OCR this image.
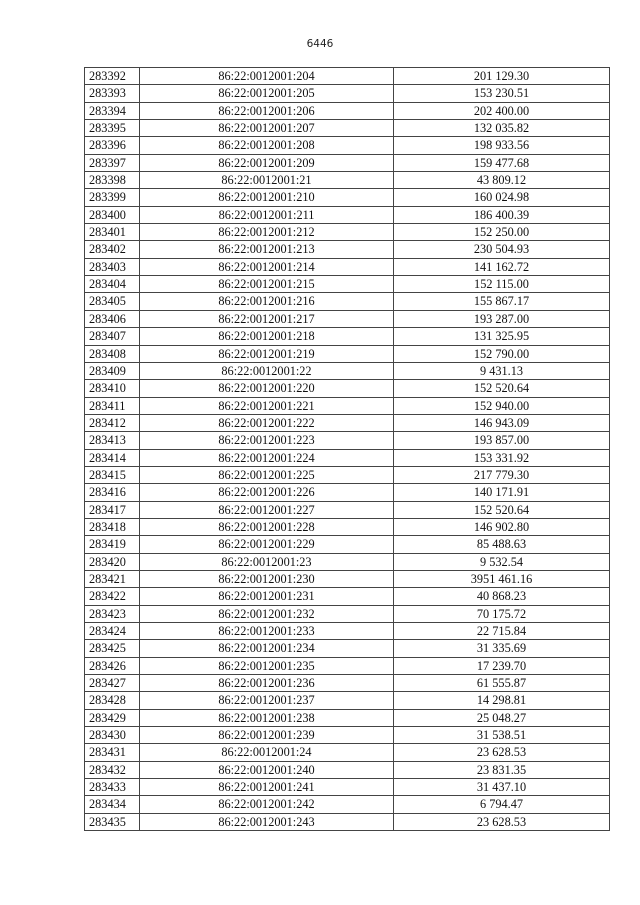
6446
283392	86:22:0012001:204	201 129.30
283393	86:22:0012001:205	153 230.51
283394	86:22:0012001:206	202 400.00
283395	86:22:0012001:207	132 035.82
283396	86:22:0012001:208	198 933.56
283397	86:22:0012001:209	159 477.68
283398	86:22:0012001:21	43 809.12
283399	86:22:0012001:210	160 024.98
283400	86:22:0012001:211	186 400.39
283401	86:22:0012001:212	152 250.00
283402	86:22:0012001:213	230 504.93
283403	86:22:0012001:214	141 162.72
283404	86:22:0012001:215	152 115.00
283405	86:22:0012001:216	155 867.17
283406	86:22:0012001:217	193 287.00
283407	86:22:0012001:218	131 325.95
283408	86:22:0012001:219	152 790.00
283409	86:22:0012001:22	9 431.13
283410	86:22:0012001:220	152 520.64
283411	86:22:0012001:221	152 940.00
283412	86:22:0012001:222	146 943.09
283413	86:22:0012001:223	193 857.00
283414	86:22:0012001:224	153 331.92
283415	86:22:0012001:225	217 779.30
283416	86:22:0012001:226	140 171.91
283417	86:22:0012001:227	152 520.64
283418	86:22:0012001:228	146 902.80
283419	86:22:0012001:229	85 488.63
283420	86:22:0012001:23	9 532.54
283421	86:22:0012001:230	3951 461.16
283422	86:22:0012001:231	40 868.23
283423	86:22:0012001:232	70 175.72
283424	86:22:0012001:233	22 715.84
283425	86:22:0012001:234	31 335.69
283426	86:22:0012001:235	17 239.70
283427	86:22:0012001:236	61 555.87
283428	86:22:0012001:237	14 298.81
283429	86:22:0012001:238	25 048.27
283430	86:22:0012001:239	31 538.51
283431	86:22:0012001:24	23 628.53
283432	86:22:0012001:240	23 831.35
283433	86:22:0012001:241	31 437.10
283434	86:22:0012001:242	6 794.47
283435	86:22:0012001:243	23 628.53
